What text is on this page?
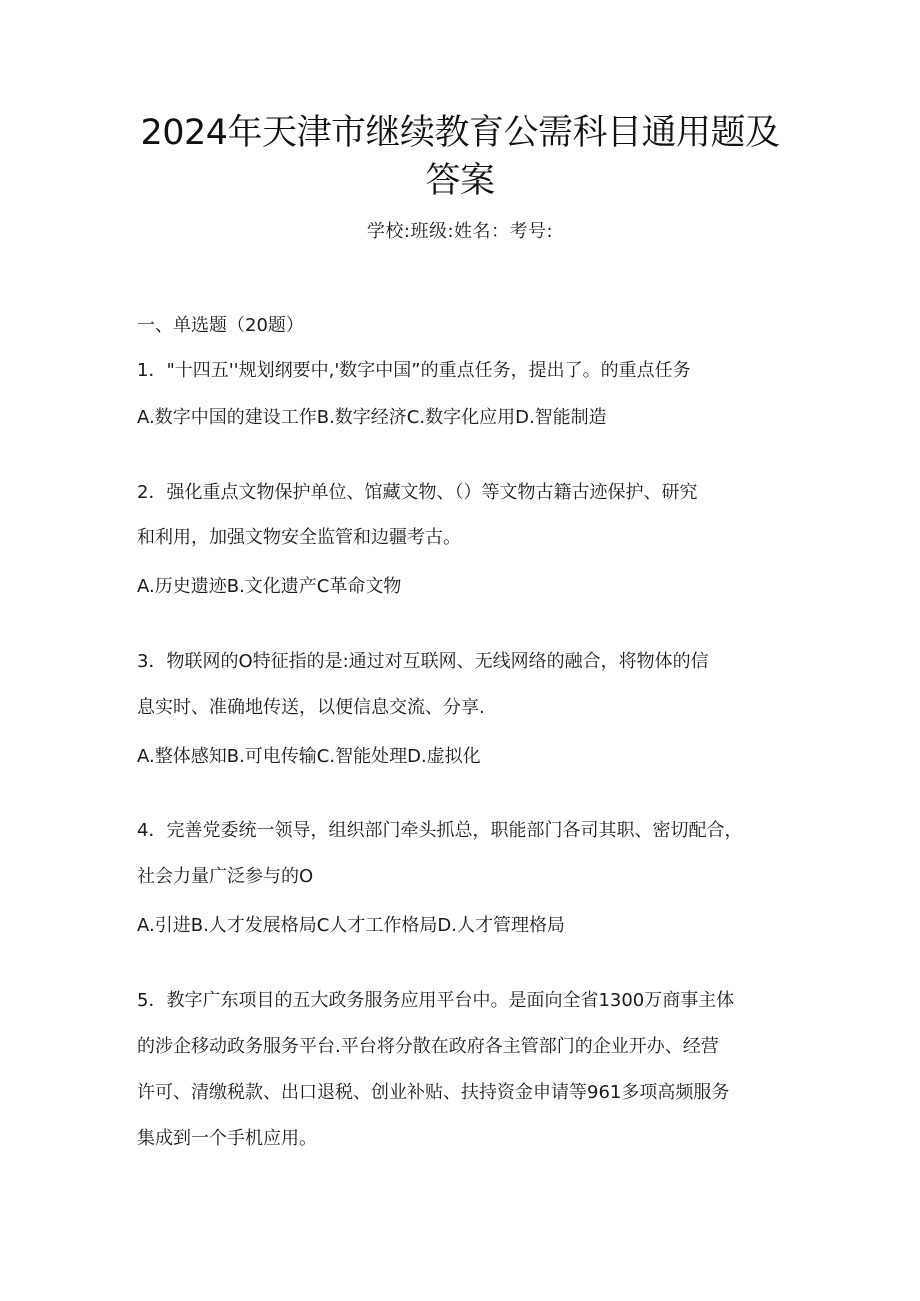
2024年天津市继续教育公需科目通用题及
答案
学校:班级:姓名：考号:
一、单选题（20题）
1．"十四五''规划纲要中,'数字中国”的重点任务，提出了。的重点任务
A.数字中国的建设工作B.数字经济C.数字化应用D.智能制造
2．强化重点文物保护单位、馆藏文物、（）等文物古籍古迹保护、研究
和利用，加强文物安全监管和边疆考古。
A.历史遗迹B.文化遗产C革命文物
3．物联网的O特征指的是:通过对互联网、无线网络的融合，将物体的信
息实时、准确地传送，以便信息交流、分享.
A.整体感知B.可电传输C.智能处理D.虚拟化
4．完善党委统一领导，组织部门牵头抓总，职能部门各司其职、密切配合，
社会力量广泛参与的O
A.引进B.人才发展格局C人才工作格局D.人才管理格局
5．教字广东项目的五大政务服务应用平台中。是面向全省1300万商事主体
的涉企移动政务服务平台.平台将分散在政府各主管部门的企业开办、经营
许可、清缴税款、出口退税、创业补贴、扶持资金申请等961多项高频服务
集成到一个手机应用。
